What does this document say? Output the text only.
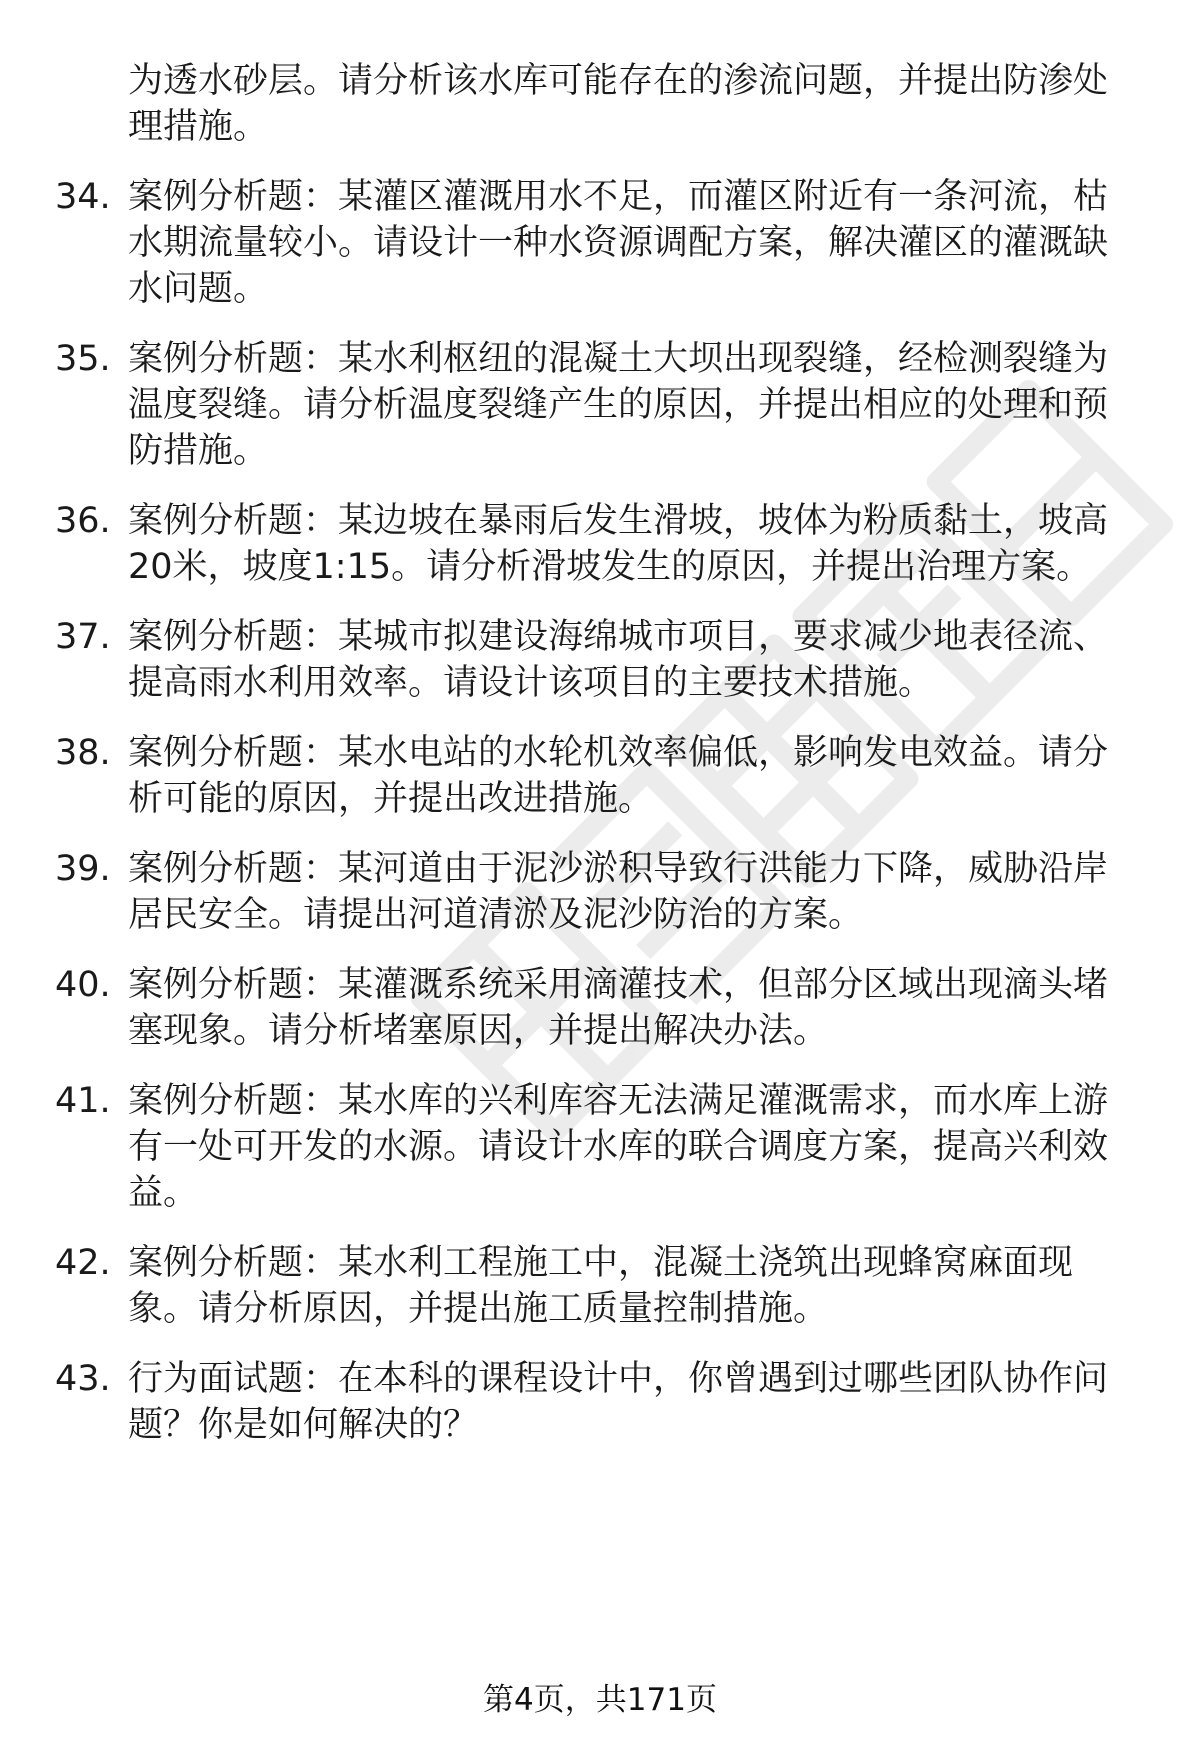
为透水砂层。请分析该水库可能存在的渗流问题，并提出防渗处
理措施。
34. 案例分析题：某灌区灌溉用水不足，而灌区附近有一条河流，枯
水期流量较小。请设计一种水资源调配方案，解决灌区的灌溉缺
水问题。
35. 案例分析题：某水利枢纽的混凝土大坝出现裂缝，经检测裂缝为
温度裂缝。请分析温度裂缝产生的原因，并提出相应的处理和预
防措施。
36. 案例分析题：某边坡在暴雨后发生滑坡，坡体为粉质黏土，坡高
20米，坡度1:15。请分析滑坡发生的原因，并提出治理方案。
37. 案例分析题：某城市拟建设海绵城市项目，要求减少地表径流、
提高雨水利用效率。请设计该项目的主要技术措施。
38. 案例分析题：某水电站的水轮机效率偏低，影响发电效益。请分
析可能的原因，并提出改进措施。
39. 案例分析题：某河道由于泥沙淤积导致行洪能力下降，威胁沿岸
居民安全。请提出河道清淤及泥沙防治的方案。
40. 案例分析题：某灌溉系统采用滴灌技术，但部分区域出现滴头堵
塞现象。请分析堵塞原因，并提出解决办法。
41. 案例分析题：某水库的兴利库容无法满足灌溉需求，而水库上游
有一处可开发的水源。请设计水库的联合调度方案，提高兴利效
益。
42. 案例分析题：某水利工程施工中，混凝土浇筑出现蜂窝麻面现
象。请分析原因，并提出施工质量控制措施。
43. 行为面试题：在本科的课程设计中，你曾遇到过哪些团队协作问
题？你是如何解决的？
第4页，共171页
